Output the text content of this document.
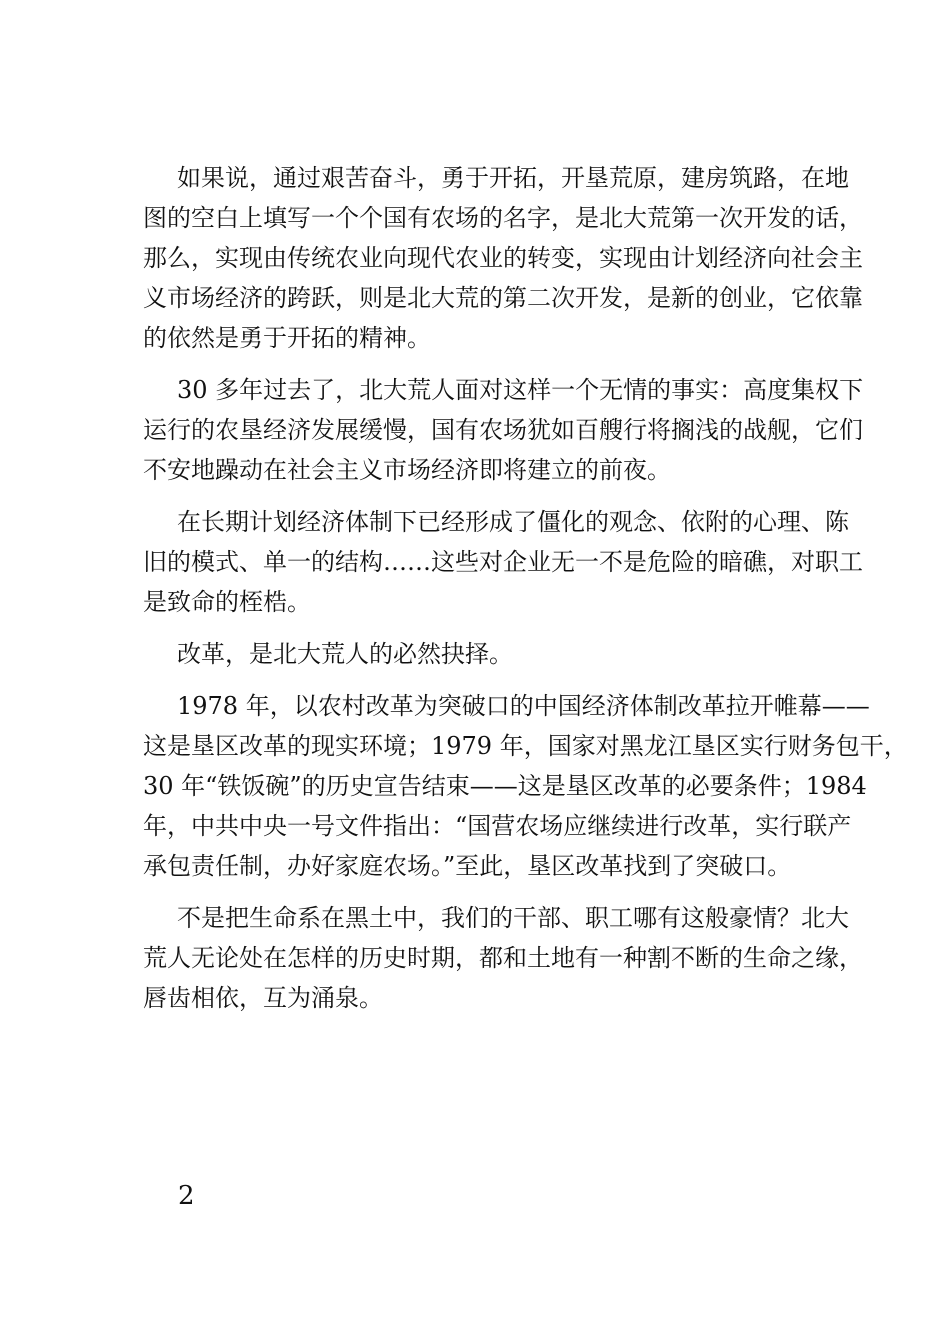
如果说，通过艰苦奋斗，勇于开拓，开垦荒原，建房筑路，在地
图的空白上填写一个个国有农场的名字，是北大荒第一次开发的话，
那么，实现由传统农业向现代农业的转变，实现由计划经济向社会主
义市场经济的跨跃，则是北大荒的第二次开发，是新的创业，它依靠
的依然是勇于开拓的精神。

30 多年过去了，北大荒人面对这样一个无情的事实：高度集权下
运行的农垦经济发展缓慢，国有农场犹如百艘行将搁浅的战舰，它们
不安地躁动在社会主义市场经济即将建立的前夜。

在长期计划经济体制下已经形成了僵化的观念、依附的心理、陈
旧的模式、单一的结构……这些对企业无一不是危险的暗礁，对职工
是致命的桎梏。

改革，是北大荒人的必然抉择。

1978 年，以农村改革为突破口的中国经济体制改革拉开帷幕——
这是垦区改革的现实环境；1979 年，国家对黑龙江垦区实行财务包干，
30 年“铁饭碗”的历史宣告结束——这是垦区改革的必要条件；1984
年，中共中央一号文件指出：“国营农场应继续进行改革，实行联产
承包责任制，办好家庭农场。”至此，垦区改革找到了突破口。

不是把生命系在黑土中，我们的干部、职工哪有这般豪情？北大
荒人无论处在怎样的历史时期，都和土地有一种割不断的生命之缘，
唇齿相依，互为涌泉。

2
